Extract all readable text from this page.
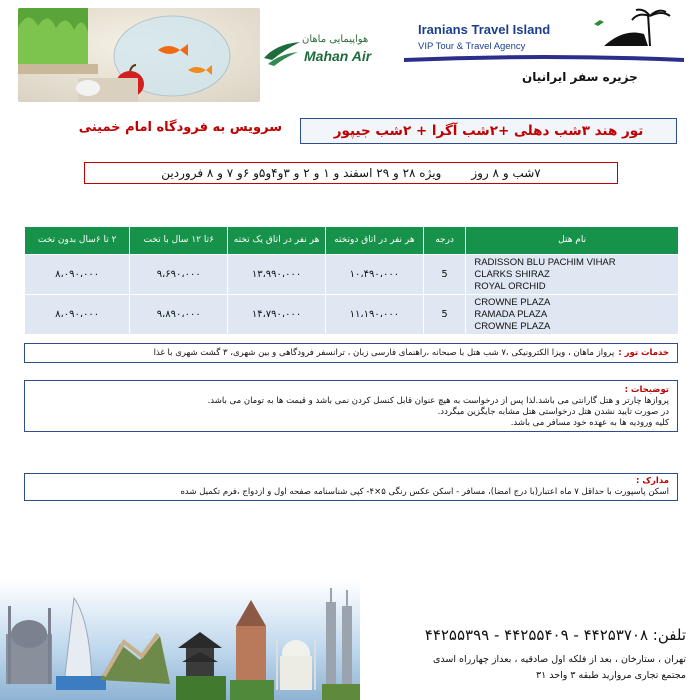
هواپیمایی ماهان
Mahan Air
Iranians Travel Island
VIP Tour & Travel Agency
جزیره سفر ایرانیان
تور هند ۳شب دهلی +۲شب آگرا + ۲شب جیپور
سرویس به فرودگاه امام خمینی
۷شب و ۸ روز
ویژه ۲۸ و ۲۹ اسفند و ۱ و ۲ و ۳و۴و۵و ۶و ۷ و ۸ فروردین
نام هتل	درجه	هر نفر در اتاق دوتخته	هر نفر در اتاق یک تخته	۶تا ۱۲ سال با تخت	۲ تا ۶سال بدون تخت

RADISSON BLU PACHIM VIHAR
CLARKS SHIRAZ
ROYAL ORCHID	5	۱۰،۴۹۰،۰۰۰	۱۳،۹۹۰،۰۰۰	۹،۶۹۰،۰۰۰	۸،۰۹۰،۰۰۰

CROWNE PLAZA
RAMADA PLAZA
CROWNE PLAZA	5	۱۱،۱۹۰،۰۰۰	۱۴،۷۹۰،۰۰۰	۹،۸۹۰،۰۰۰	۸،۰۹۰،۰۰۰
خدمات تور :
پرواز ماهان ، ویزا الکترونیکی ،۷ شب هتل با صبحانه ،راهنمای فارسی زبان ، ترانسفر فرودگاهی و بین شهری، ۳ گشت شهری با غذا
توضیحات :
پروازها چارتر و هتل گارانتی می باشد.لذا پس از درخواست به هیچ عنوان قابل کنسل کردن نمی باشد و قیمت ها به تومان می باشد.
در صورت تایید نشدن هتل درخواستی هتل مشابه جایگزین میگردد.
کلیه ورودیه ها به عهده خود مسافر می باشد.
مدارک :
اسکن پاسپورت با حداقل ۷ ماه اعتبار(با درج امضا)، مسافر - اسکن عکس رنگی ۵×۴- کپی شناسنامه صفحه اول و ازدواج ،فرم تکمیل شده
تلفن: ۴۴۲۵۳۷۰۸ - ۴۴۲۵۵۴۰۹ - ۴۴۲۵۵۳۹۹
تهران ، ستارخان ، بعد از فلکه اول صادقیه ، بعداز چهارراه اسدی
مجتمع تجاری مروارید طبقه ۳ واحد ۳۱
